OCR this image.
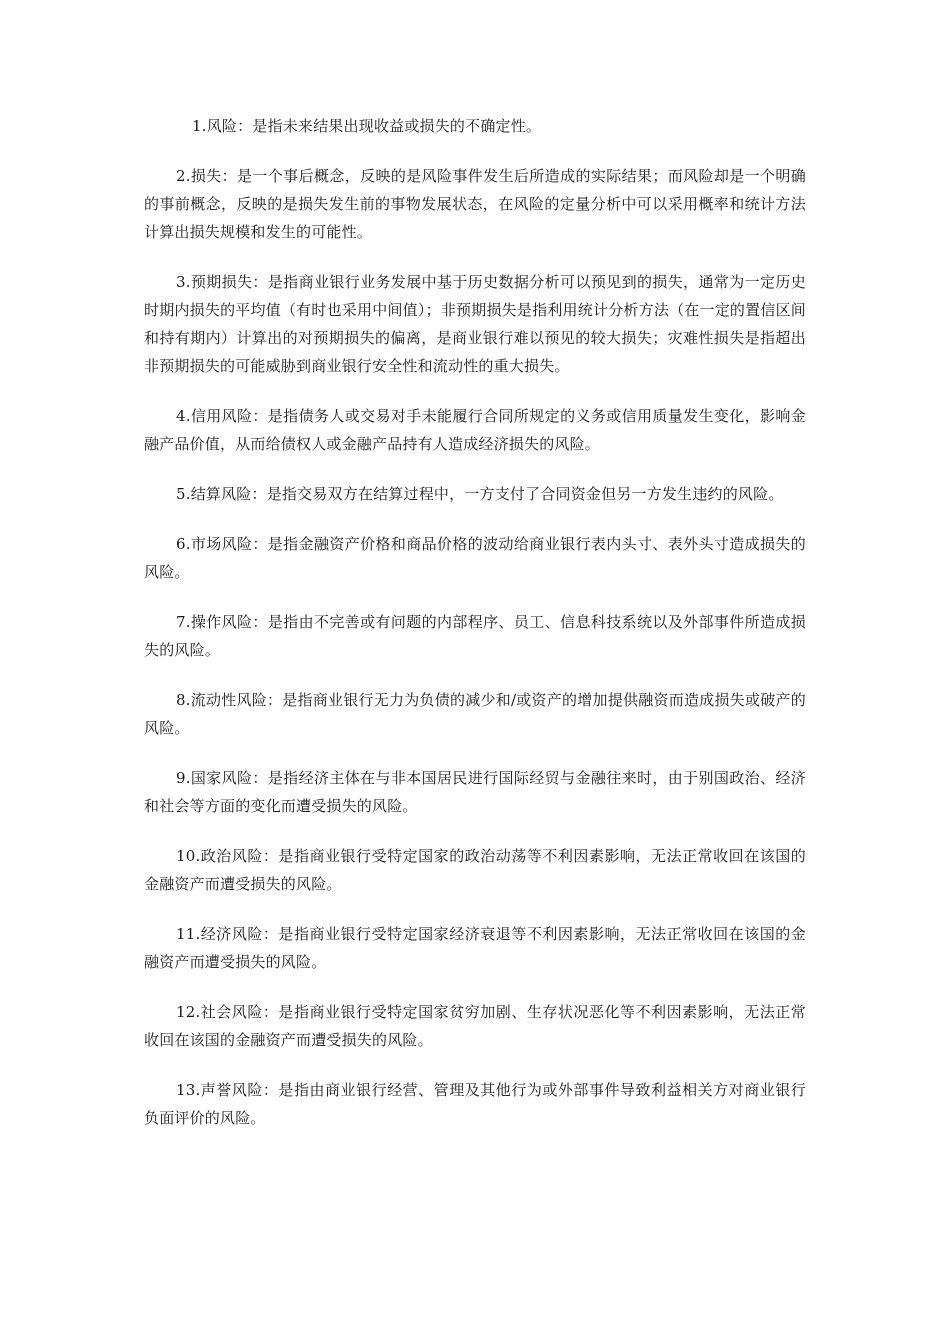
1.风险：是指未来结果出现收益或损失的不确定性。

2.损失：是一个事后概念，反映的是风险事件发生后所造成的实际结果；而风险却是一个明确的事前概念，反映的是损失发生前的事物发展状态，在风险的定量分析中可以采用概率和统计方法计算出损失规模和发生的可能性。

3.预期损失：是指商业银行业务发展中基于历史数据分析可以预见到的损失，通常为一定历史时期内损失的平均值（有时也采用中间值）；非预期损失是指利用统计分析方法（在一定的置信区间和持有期内）计算出的对预期损失的偏离，是商业银行难以预见的较大损失；灾难性损失是指超出非预期损失的可能威胁到商业银行安全性和流动性的重大损失。

4.信用风险：是指债务人或交易对手未能履行合同所规定的义务或信用质量发生变化，影响金融产品价值，从而给债权人或金融产品持有人造成经济损失的风险。

5.结算风险：是指交易双方在结算过程中，一方支付了合同资金但另一方发生违约的风险。

6.市场风险：是指金融资产价格和商品价格的波动给商业银行表内头寸、表外头寸造成损失的风险。

7.操作风险：是指由不完善或有问题的内部程序、员工、信息科技系统以及外部事件所造成损失的风险。

8.流动性风险：是指商业银行无力为负债的减少和/或资产的增加提供融资而造成损失或破产的风险。

9.国家风险：是指经济主体在与非本国居民进行国际经贸与金融往来时，由于别国政治、经济和社会等方面的变化而遭受损失的风险。

10.政治风险：是指商业银行受特定国家的政治动荡等不利因素影响，无法正常收回在该国的金融资产而遭受损失的风险。

11.经济风险：是指商业银行受特定国家经济衰退等不利因素影响，无法正常收回在该国的金融资产而遭受损失的风险。

12.社会风险：是指商业银行受特定国家贫穷加剧、生存状况恶化等不利因素影响，无法正常收回在该国的金融资产而遭受损失的风险。

13.声誉风险：是指由商业银行经营、管理及其他行为或外部事件导致利益相关方对商业银行负面评价的风险。
